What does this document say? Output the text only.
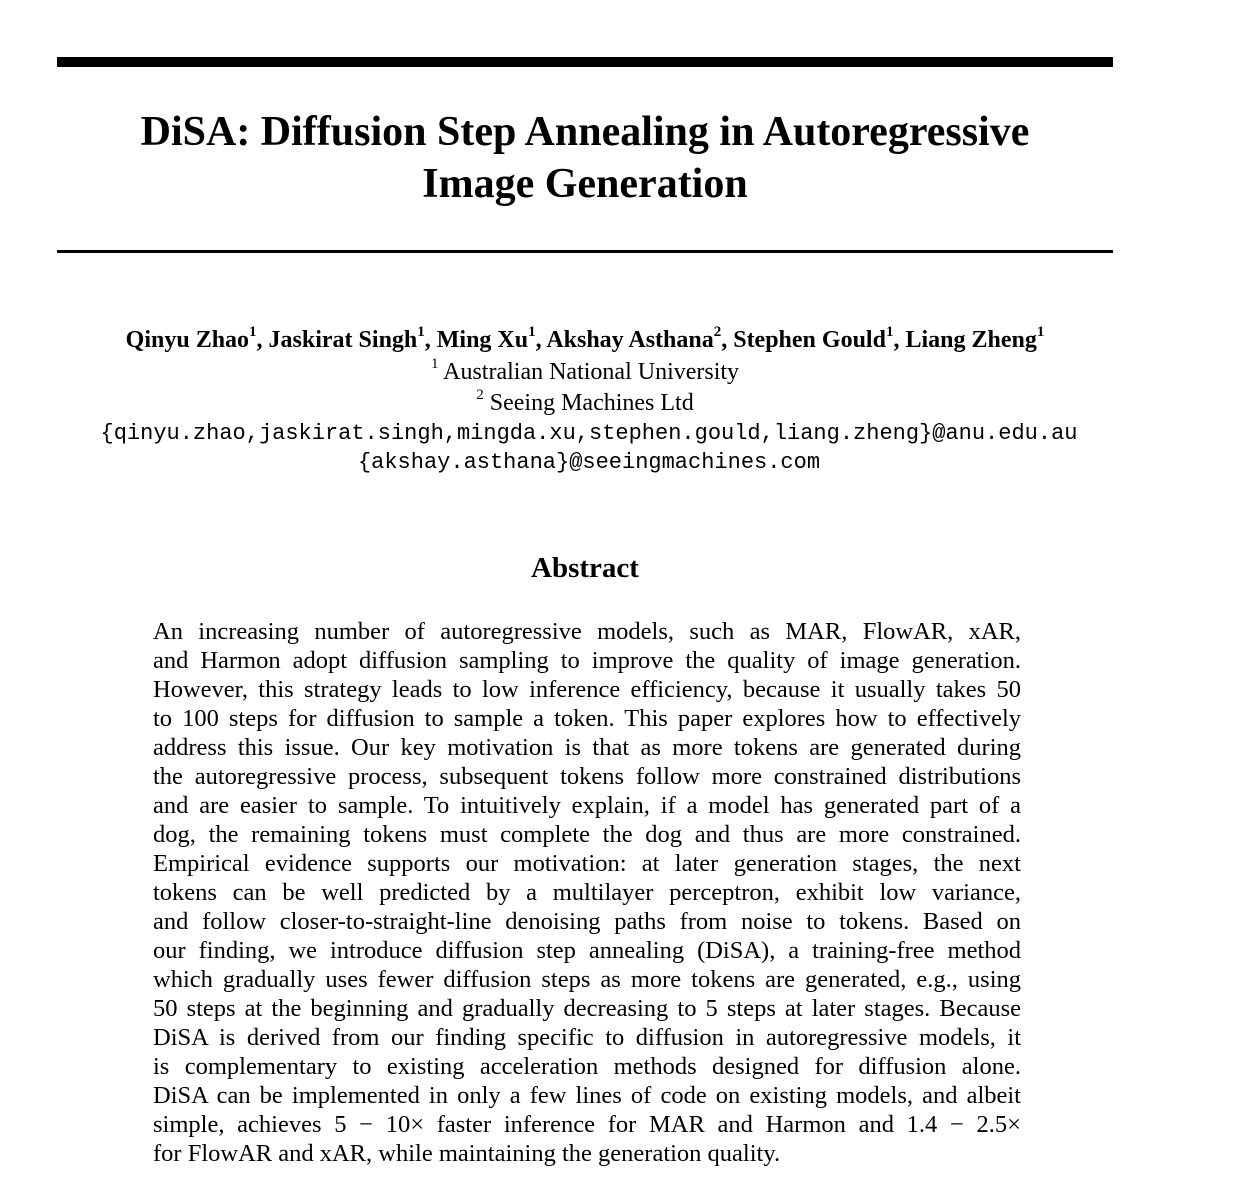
DiSA: Diffusion Step Annealing in Autoregressive
Image Generation
Qinyu Zhao$^1$, Jaskirat Singh$^1$, Ming Xu$^1$, Akshay Asthana$^2$, Stephen Gould$^1$, Liang Zheng$^1$
$^1$ Australian National University
$^2$ Seeing Machines Ltd
{qinyu.zhao,jaskirat.singh,mingda.xu,stephen.gould,liang.zheng}@anu.edu.au
{akshay.asthana}@seeingmachines.com
Abstract
An increasing number of autoregressive models, such as MAR, FlowAR, xAR,
and Harmon adopt diffusion sampling to improve the quality of image generation.
However, this strategy leads to low inference efficiency, because it usually takes 50
to 100 steps for diffusion to sample a token. This paper explores how to effectively
address this issue. Our key motivation is that as more tokens are generated during
the autoregressive process, subsequent tokens follow more constrained distributions
and are easier to sample. To intuitively explain, if a model has generated part of a
dog, the remaining tokens must complete the dog and thus are more constrained.
Empirical evidence supports our motivation: at later generation stages, the next
tokens can be well predicted by a multilayer perceptron, exhibit low variance,
and follow closer-to-straight-line denoising paths from noise to tokens. Based on
our finding, we introduce diffusion step annealing (DiSA), a training-free method
which gradually uses fewer diffusion steps as more tokens are generated, e.g., using
50 steps at the beginning and gradually decreasing to 5 steps at later stages. Because
DiSA is derived from our finding specific to diffusion in autoregressive models, it
is complementary to existing acceleration methods designed for diffusion alone.
DiSA can be implemented in only a few lines of code on existing models, and albeit
simple, achieves 5 − 10× faster inference for MAR and Harmon and 1.4 − 2.5×
for FlowAR and xAR, while maintaining the generation quality.
